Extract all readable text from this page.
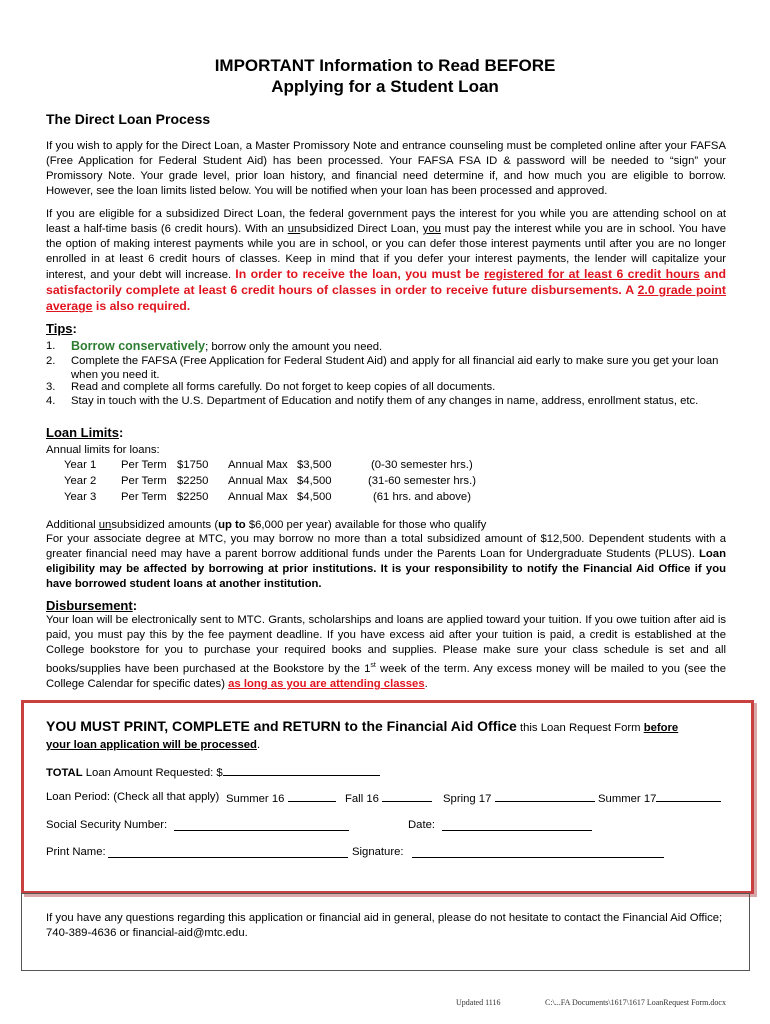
IMPORTANT Information to Read BEFORE
Applying for a Student Loan
The Direct Loan Process
If you wish to apply for the Direct Loan, a Master Promissory Note and entrance counseling must be completed online after your FAFSA (Free Application for Federal Student Aid) has been processed. Your FAFSA FSA ID & password will be needed to “sign” your Promissory Note. Your grade level, prior loan history, and financial need determine if, and how much you are eligible to borrow. However, see the loan limits listed below. You will be notified when your loan has been processed and approved.
If you are eligible for a subsidized Direct Loan, the federal government pays the interest for you while you are attending school on at least a half-time basis (6 credit hours). With an unsubsidized Direct Loan, you must pay the interest while you are in school. You have the option of making interest payments while you are in school, or you can defer those interest payments until after you are no longer enrolled in at least 6 credit hours of classes. Keep in mind that if you defer your interest payments, the lender will capitalize your interest, and your debt will increase. In order to receive the loan, you must be registered for at least 6 credit hours and satisfactorily complete at least 6 credit hours of classes in order to receive future disbursements. A 2.0 grade point average is also required.
Tips:
1. Borrow conservatively; borrow only the amount you need.
2. Complete the FAFSA (Free Application for Federal Student Aid) and apply for all financial aid early to make sure you get your loan when you need it.
3. Read and complete all forms carefully. Do not forget to keep copies of all documents.
4. Stay in touch with the U.S. Department of Education and notify them of any changes in name, address, enrollment status, etc.
Loan Limits:
Annual limits for loans:
Year 1 Per Term $1750 Annual Max $3,500	(0-30 semester hrs.)
Year 2 Per Term $2250 Annual Max $4,500	(31-60 semester hrs.)
Year 3 Per Term $2250 Annual Max $4,500	(61 hrs. and above)
Additional unsubsidized amounts (up to $6,000 per year) available for those who qualify
For your associate degree at MTC, you may borrow no more than a total subsidized amount of $12,500. Dependent students with a greater financial need may have a parent borrow additional funds under the Parents Loan for Undergraduate Students (PLUS). Loan eligibility may be affected by borrowing at prior institutions. It is your responsibility to notify the Financial Aid Office if you have borrowed student loans at another institution.
Disbursement:
Your loan will be electronically sent to MTC. Grants, scholarships and loans are applied toward your tuition. If you owe tuition after aid is paid, you must pay this by the fee payment deadline. If you have excess aid after your tuition is paid, a credit is established at the College bookstore for you to purchase your required books and supplies. Please make sure your class schedule is set and all books/supplies have been purchased at the Bookstore by the 1st week of the term. Any excess money will be mailed to you (see the College Calendar for specific dates) as long as you are attending classes.
YOU MUST PRINT, COMPLETE and RETURN to the Financial Aid Office this Loan Request Form before
your loan application will be processed.
TOTAL Loan Amount Requested: $
Loan Period: (Check all that apply) Summer 16	Fall 16	Spring 17	Summer 17
Social Security Number:	Date:
Print Name:	Signature:
If you have any questions regarding this application or financial aid in general, please do not hesitate to contact the Financial Aid Office; 740-389-4636 or financial-aid@mtc.edu.
Updated 1116	C:\...FA Documents\1617\1617 LoanRequest Form.docx
